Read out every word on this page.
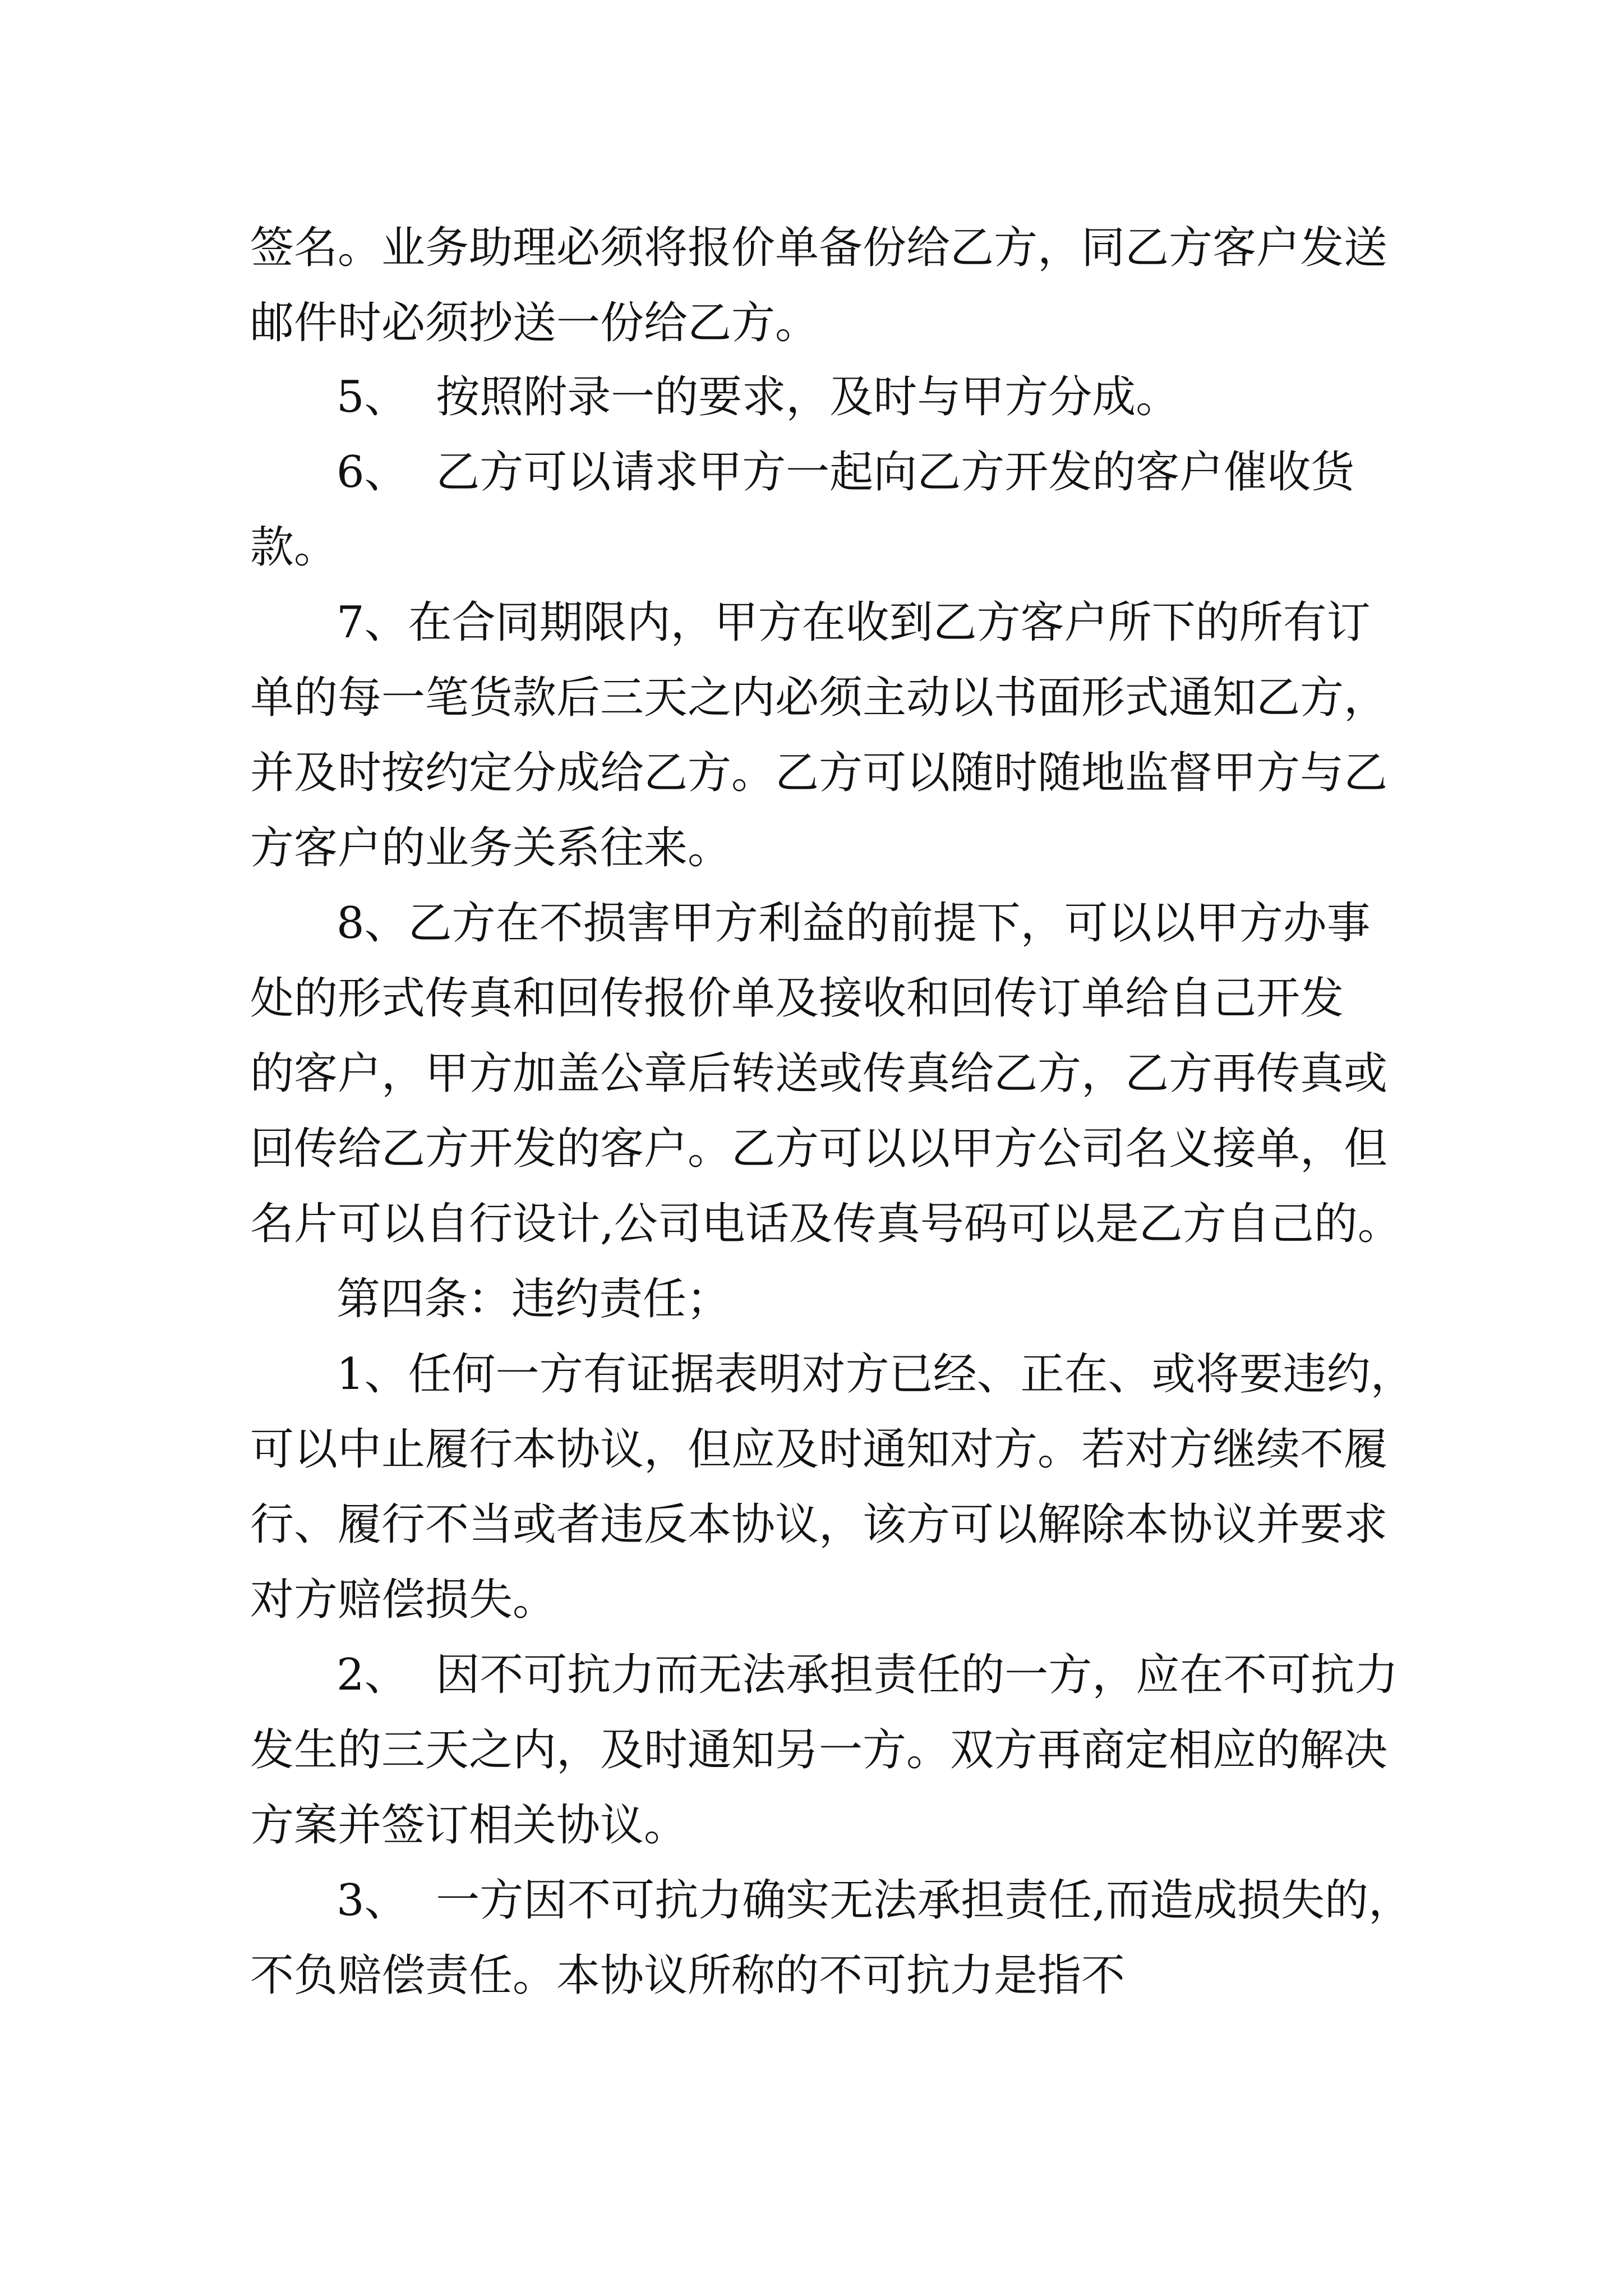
签名。业务助理必须将报价单备份给乙方，同乙方客户发送

邮件时必须抄送一份给乙方。

5、  按照附录一的要求，及时与甲方分成。

6、  乙方可以请求甲方一起向乙方开发的客户催收货

款。

7、在合同期限内，甲方在收到乙方客户所下的所有订

单的每一笔货款后三天之内必须主动以书面形式通知乙方，

并及时按约定分成给乙方。乙方可以随时随地监督甲方与乙

方客户的业务关系往来。

8、乙方在不损害甲方利益的前提下，可以以甲方办事

处的形式传真和回传报价单及接收和回传订单给自己开发

的客户，甲方加盖公章后转送或传真给乙方，乙方再传真或

回传给乙方开发的客户。乙方可以以甲方公司名义接单，但

名片可以自行设计,公司电话及传真号码可以是乙方自己的。

第四条：违约责任；

1、任何一方有证据表明对方已经、正在、或将要违约，

可以中止履行本协议，但应及时通知对方。若对方继续不履

行、履行不当或者违反本协议，该方可以解除本协议并要求

对方赔偿损失。

2、  因不可抗力而无法承担责任的一方，应在不可抗力

发生的三天之内，及时通知另一方。双方再商定相应的解决

方案并签订相关协议。

3、  一方因不可抗力确实无法承担责任,而造成损失的，

不负赔偿责任。本协议所称的不可抗力是指不
